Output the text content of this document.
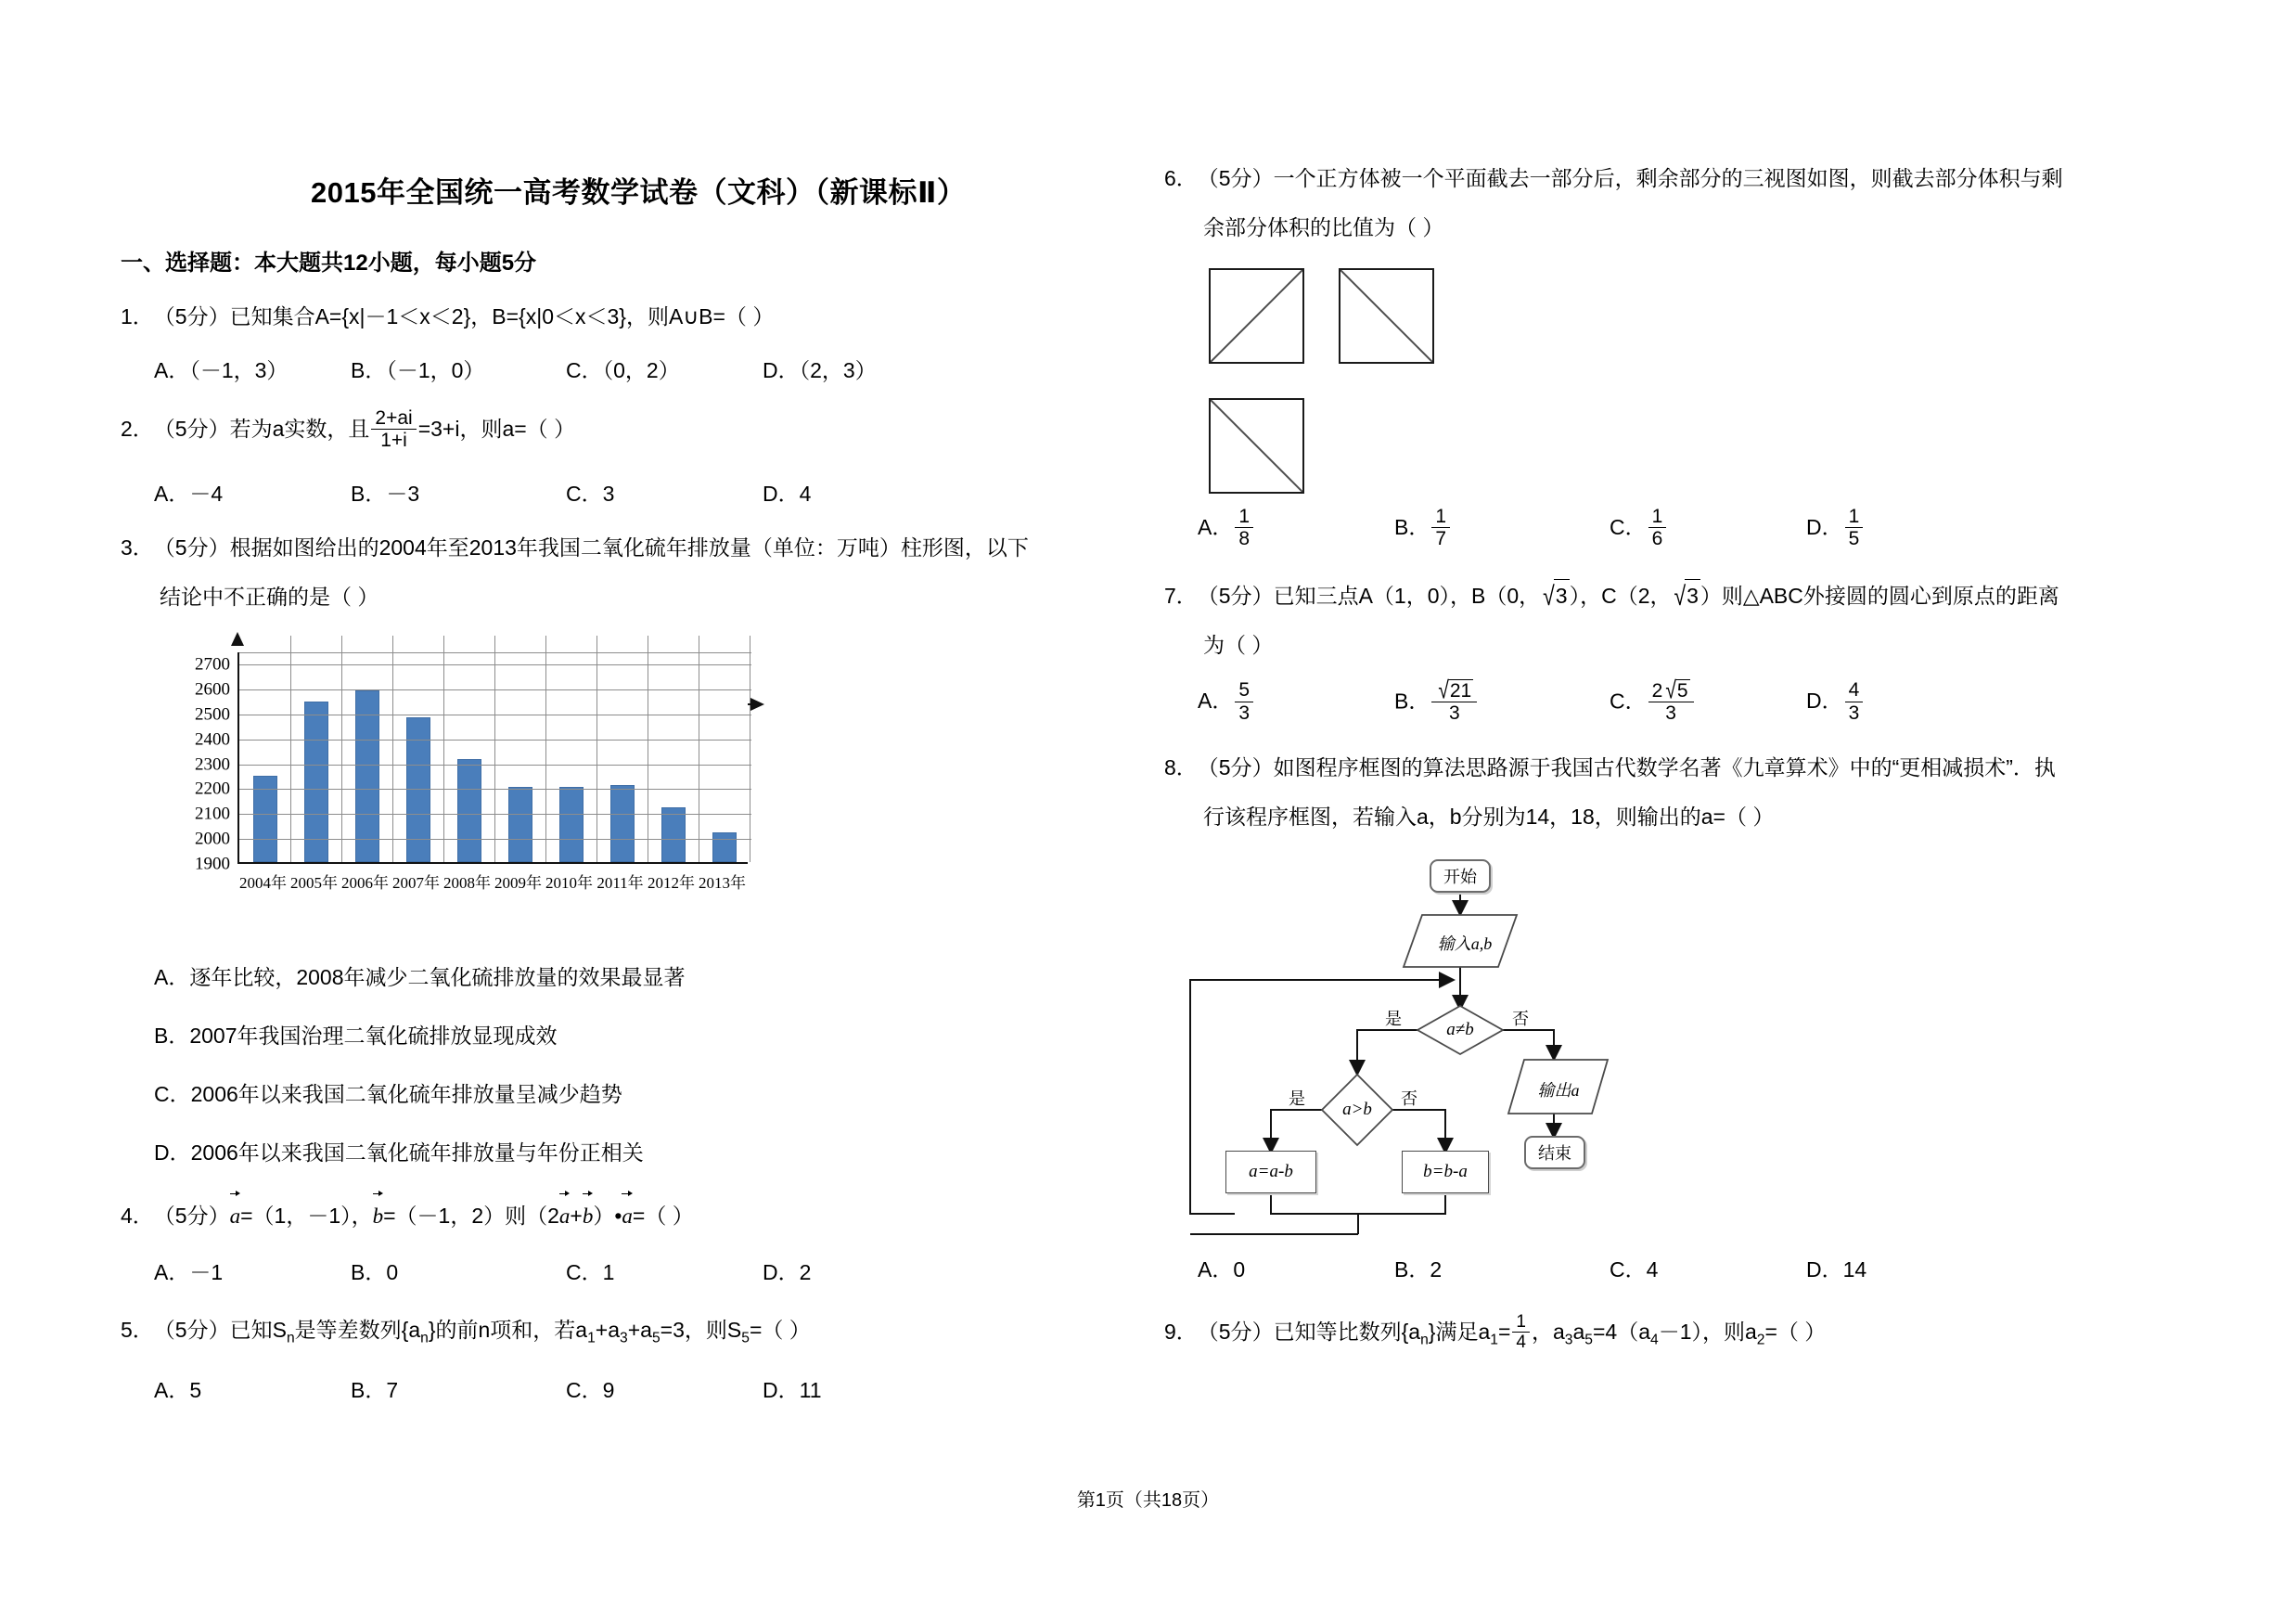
2015年全国统一高考数学试卷（文科）（新课标Ⅱ）
一、选择题：本大题共12小题，每小题5分
1．（5分）已知集合A={x|－1＜x＜2}，B={x|0＜x＜3}，则A∪B=（ ）
A．（－1，3）	B．（－1，0）	C．（0，2）	D．（2，3）
2．（5分）若为a实数，且 $\frac{2+ai}{1+i} =3+i$，则a=（ ）
A．－4	B．－3	C．3	D．4
3．（5分）根据如图给出的2004年至2013年我国二氧化硫年排放量（单位：万吨）柱形图，以下
结论中不正确的是（ ）
1900
2000
2100
2200
2300
2400
2500
2600
2700
2004年 2005年 2006年 2007年 2008年 2009年 2010年 2011年 2012年 2013年
A．逐年比较，2008年减少二氧化硫排放量的效果最显著
B．2007年我国治理二氧化硫排放显现成效
C．2006年以来我国二氧化硫年排放量呈减少趋势
D．2006年以来我国二氧化硫年排放量与年份正相关
4．（5分）
a=（1，－1），
b=（－1，2）则（2
a+
b）•
a=（ ）
A．－1	B．0	C．1	D．2
5．（5分）已知$S_n$是等差数列$\{a_n\}$的前n项和，若$a_1+a_3+a_5=3$，则$S_5=$（ ）
A．5	B．7	C．9	D．11
6．（5分）一个正方体被一个平面截去一部分后，剩余部分的三视图如图，则截去部分体积与剩
余部分体积的比值为（ ）
A． $\frac{1}{8}$	B． $\frac{1}{7}$	C． $\frac{1}{6}$	D． $\frac{1}{5}$
7．（5分）已知三点A（1，0），B（0， √3），C（2， √3）则△ABC外接圆的圆心到原点的距离
为（ ）
A． $\frac{5}{3}$	B． $\frac{√21}{3}$	C． $\frac{2 √5}{3}$	D． $\frac{4}{3}$
8．（5分）如图程序框图的算法思路源于我国古代数学名著《九章算术》中的“更相减损术”．执
行该程序框图，若输入a，b分别为14，18，则输出的a=（ ）
开始
输入a,b
a≠b
是	否
a>b
是	否
a=a-b	b=b-a
输出a
结束
A．0	B．2	C．4	D．14
9．（5分）已知等比数列$\{a_n\}$满足$a_1= \frac{1}{4}$ ，$a_3a_5=4(a_4-1)$，则$a_2=$（ ）
第1页（共18页）
